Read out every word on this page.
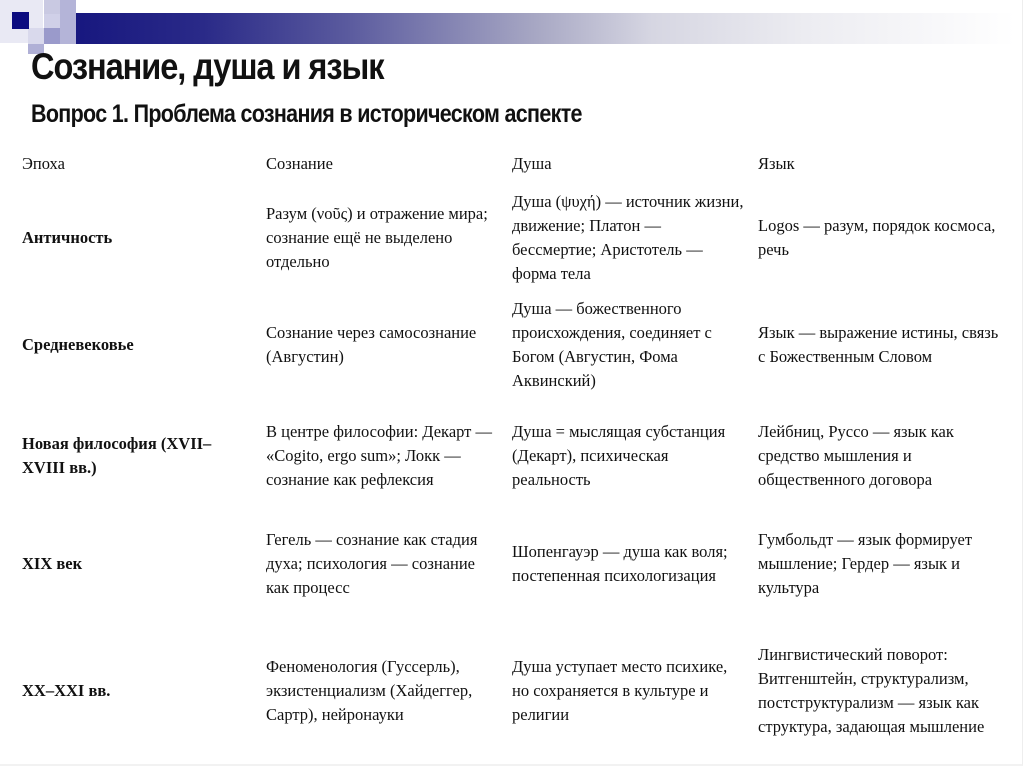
Сознание, душа и язык
Вопрос 1. Проблема сознания в историческом аспекте
Эпоха	Сознание	Душа	Язык
Античность	Разум (νοῦς) и отражение мира; сознание ещё не выделено отдельно	Душа (ψυχή) — источник жизни, движение; Платон — бессмертие; Аристотель — форма тела	Logos — разум, порядок космоса, речь
Средневековье	Сознание через самосознание (Августин)	Душа — божественного происхождения, соединяет с Богом (Августин, Фома Аквинский)	Язык — выражение истины, связь с Божественным Словом
Новая философия (XVII–XVIII вв.)	В центре философии: Декарт — «Cogito, ergo sum»; Локк — сознание как рефлексия	Душа = мыслящая субстанция (Декарт), психическая реальность	Лейбниц, Руссо — язык как средство мышления и общественного договора
XIX век	Гегель — сознание как стадия духа; психология — сознание как процесс	Шопенгауэр — душа как воля; постепенная психологизация	Гумбольдт — язык формирует мышление; Гердер — язык и культура
XX–XXI вв.	Феноменология (Гуссерль), экзистенциализм (Хайдеггер, Сартр), нейронауки	Душа уступает место психике, но сохраняется в культуре и религии	Лингвистический поворот: Витгенштейн, структурализм, постструктурализм — язык как структура, задающая мышление
